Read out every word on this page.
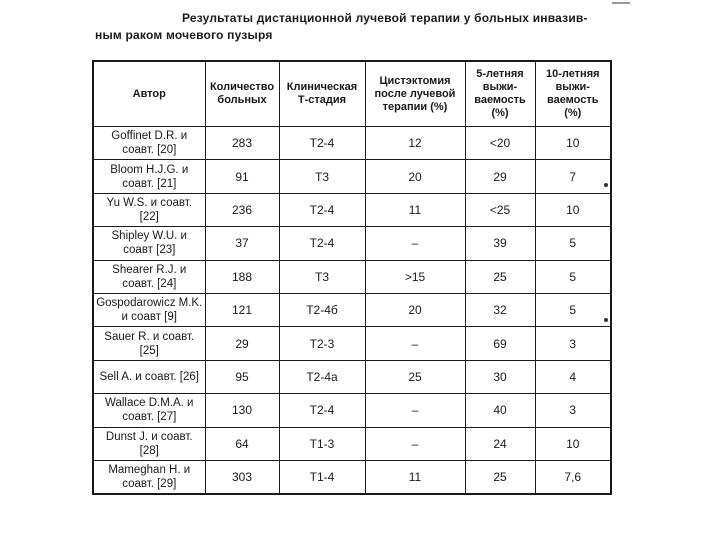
Результаты дистанционной лучевой терапии у больных инвазив-
ным раком мочевого пузыря
Автор	Количество больных	Клиническая Т-стадия	Цистэктомия после лучевой терапии (%)	5-летняя выжи-ваемость (%)	10-летняя выжи-ваемость (%)
Goffinet D.R. и соавт. [20]	283	T2-4	12	<20	10
Bloom H.J.G. и соавт. [21]	91	T3	20	29	7
Yu W.S. и соавт. [22]	236	T2-4	11	<25	10
Shipley W.U. и соавт [23]	37	T2-4	–	39	5
Shearer R.J. и соавт. [24]	188	T3	>15	25	5
Gospodarowicz M.K. и соавт [9]	121	T2-4б	20	32	5
Sauer R. и соавт. [25]	29	T2-3	–	69	3
Sell A. и соавт. [26]	95	T2-4a	25	30	4
Wallace D.M.A. и соавт. [27]	130	T2-4	–	40	3
Dunst J. и соавт. [28]	64	T1-3	–	24	10
Mameghan H. и соавт. [29]	303	T1-4	11	25	7,6
